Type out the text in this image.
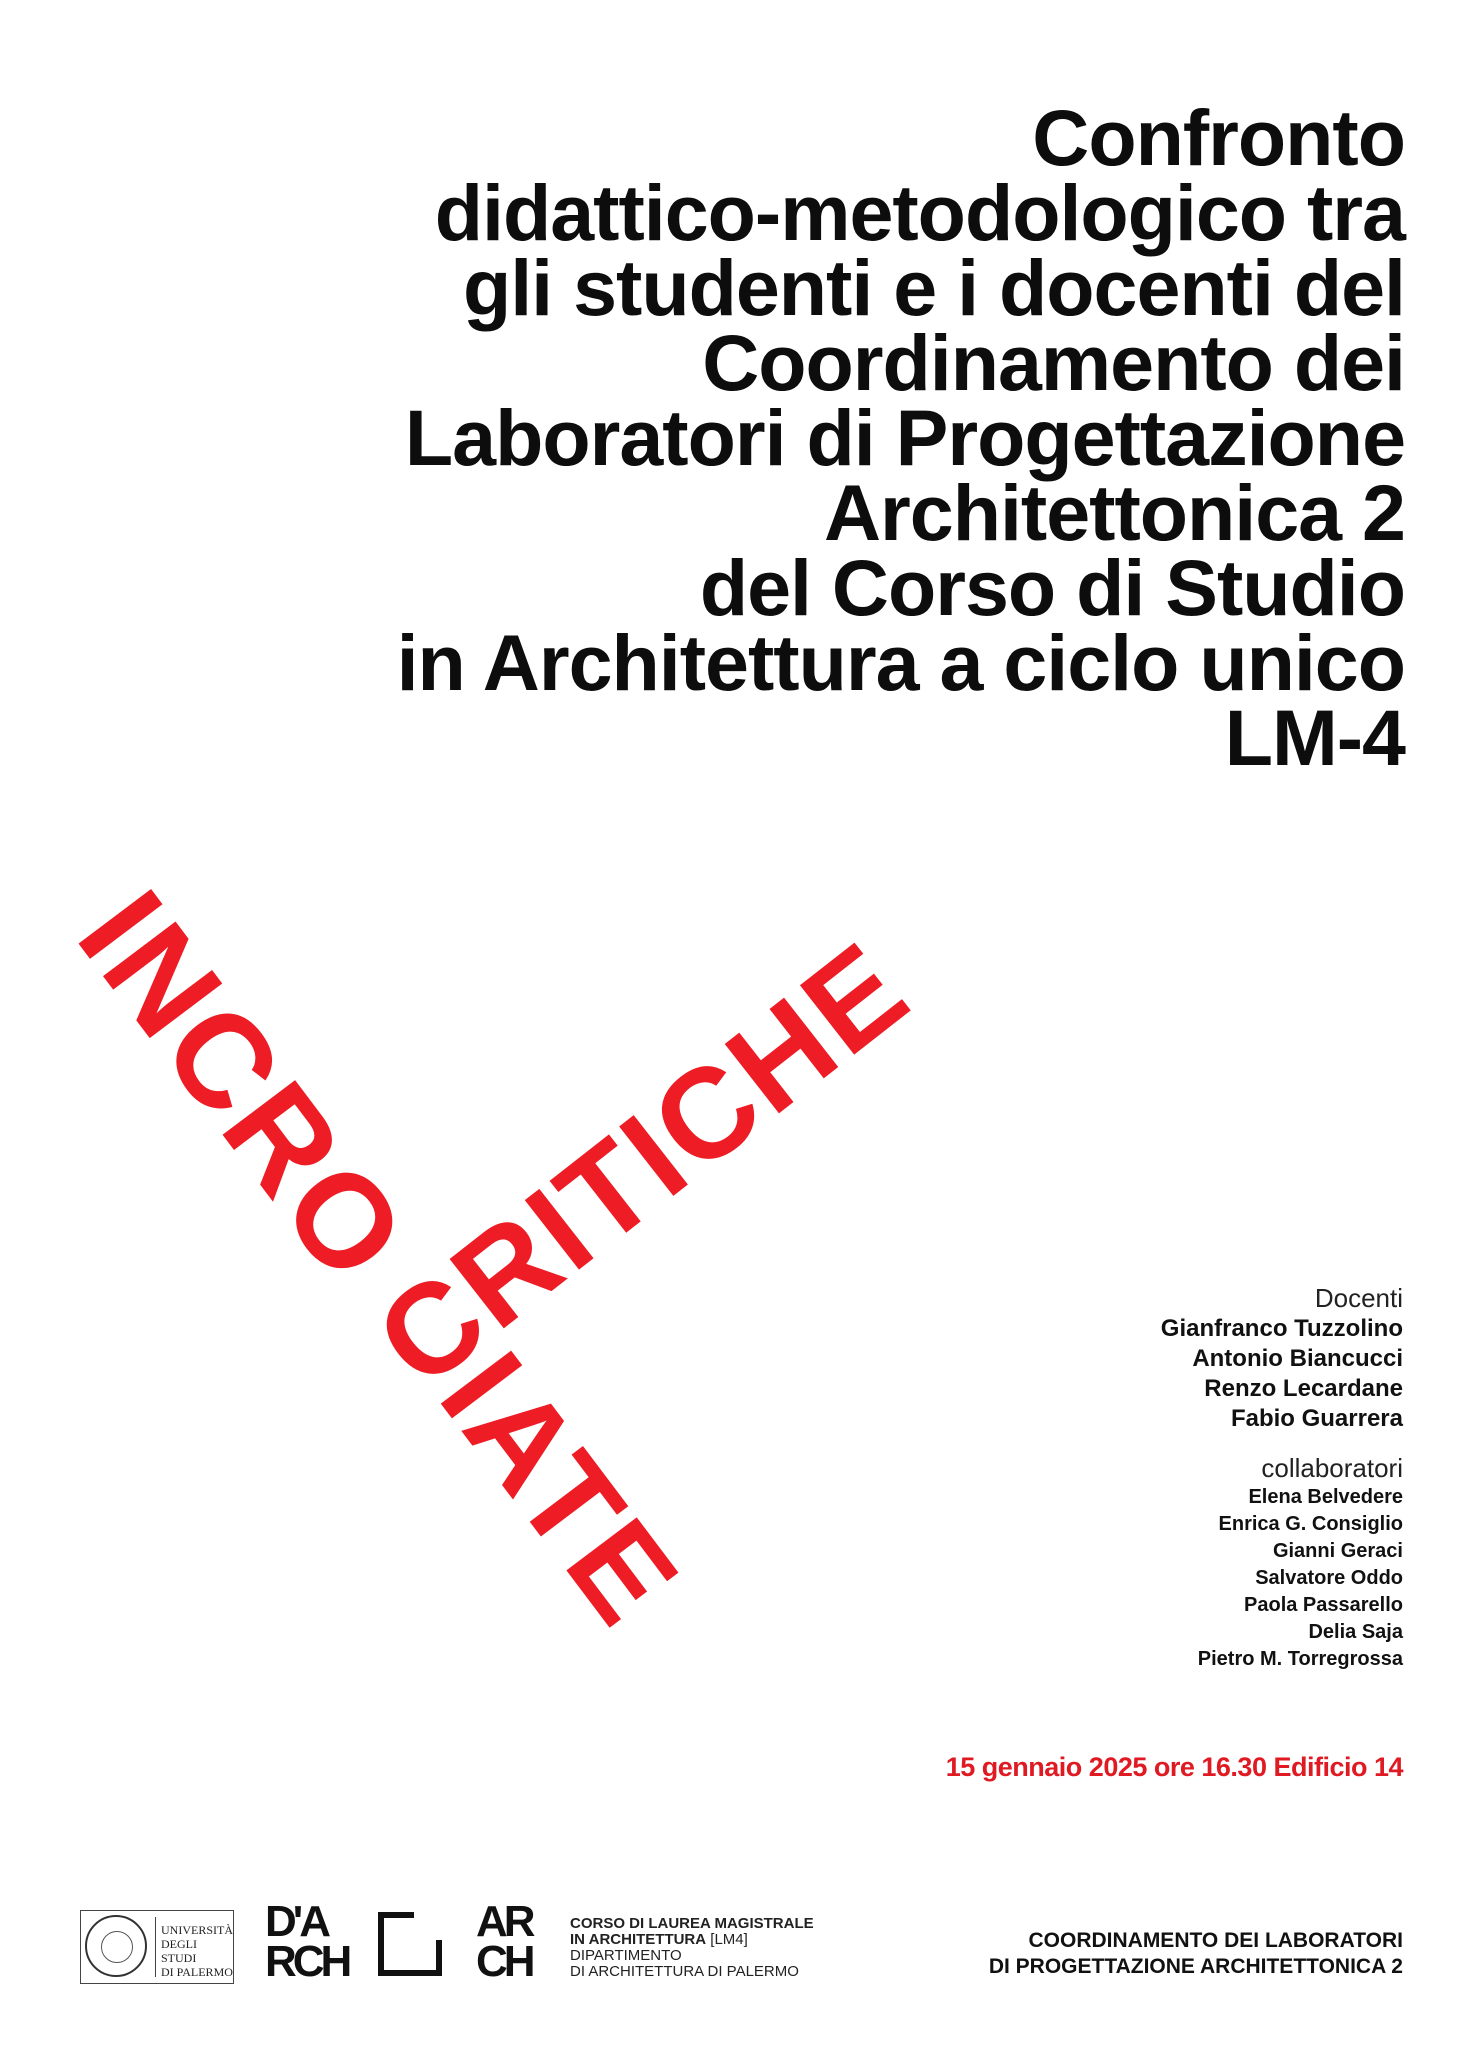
Confronto
didattico-metodologico tra
gli studenti e i docenti del
Coordinamento dei
Laboratori di Progettazione
Architettonica 2
del Corso di Studio
in Architettura a ciclo unico
LM-4
INCRO
CRITICHE
IATE
Docenti
Gianfranco Tuzzolino
Antonio Biancucci
Renzo Lecardane
Fabio Guarrera
collaboratori
Elena Belvedere
Enrica G. Consiglio
Gianni Geraci
Salvatore Oddo
Paola Passarello
Delia Saja
Pietro M. Torregrossa
15 gennaio 2025 ore 16.30 Edificio 14
UNIVERSITÀ
DEGLI STUDI
DI PALERMO
D'A
RCH
AR
CH
CORSO DI LAUREA MAGISTRALE
IN ARCHITETTURA [LM4]
DIPARTIMENTO
DI ARCHITETTURA DI PALERMO
COORDINAMENTO DEI LABORATORI
DI PROGETTAZIONE ARCHITETTONICA 2
